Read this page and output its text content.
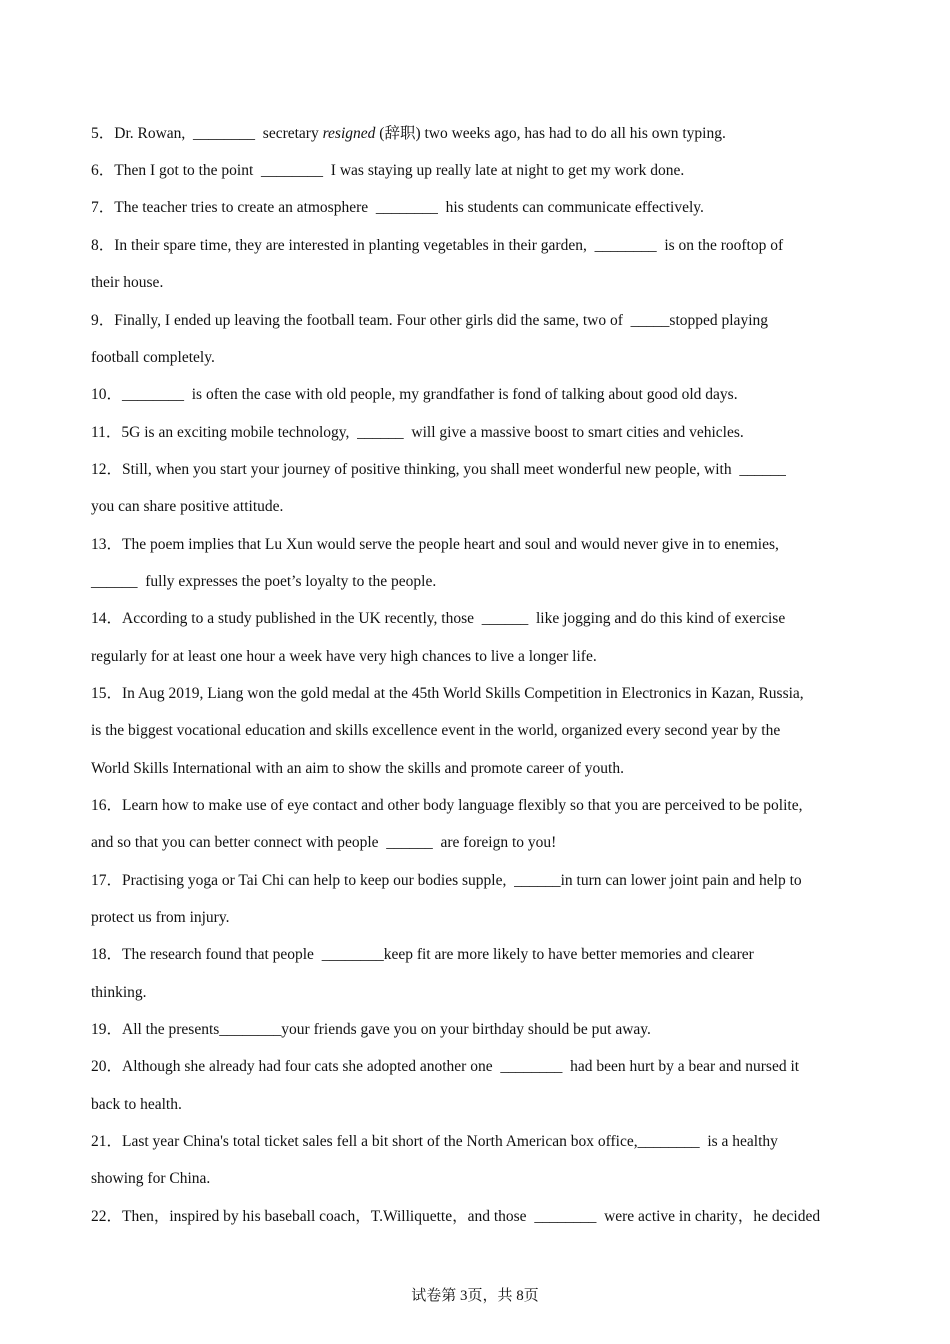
5．Dr. Rowan,  ________  secretary resigned (辞职) two weeks ago, has had to do all his own typing.
6．Then I got to the point  ________  I was staying up really late at night to get my work done.
7．The teacher tries to create an atmosphere  ________  his students can communicate effectively.
8．In their spare time, they are interested in planting vegetables in their garden,  ________  is on the rooftop of
their house.
9．Finally, I ended up leaving the football team. Four other girls did the same, two of  _____stopped playing
football completely.
10．________  is often the case with old people, my grandfather is fond of talking about good old days.
11．5G is an exciting mobile technology,  ______  will give a massive boost to smart cities and vehicles.
12．Still, when you start your journey of positive thinking, you shall meet wonderful new people, with  ______
you can share positive attitude.
13．The poem implies that Lu Xun would serve the people heart and soul and would never give in to enemies,
______  fully expresses the poet’s loyalty to the people.
14．According to a study published in the UK recently, those  ______  like jogging and do this kind of exercise
regularly for at least one hour a week have very high chances to live a longer life.
15．In Aug 2019, Liang won the gold medal at the 45th World Skills Competition in Electronics in Kazan, Russia,
is the biggest vocational education and skills excellence event in the world, organized every second year by the
World Skills International with an aim to show the skills and promote career of youth.
16．Learn how to make use of eye contact and other body language flexibly so that you are perceived to be polite,
and so that you can better connect with people  ______  are foreign to you!
17．Practising yoga or Tai Chi can help to keep our bodies supple,  ______in turn can lower joint pain and help to
protect us from injury.
18．The research found that people  ________keep fit are more likely to have better memories and clearer
thinking.
19．All the presents________your friends gave you on your birthday should be put away.
20．Although she already had four cats she adopted another one  ________  had been hurt by a bear and nursed it
back to health.
21．Last year China's total ticket sales fell a bit short of the North American box office,________  is a healthy
showing for China.
22．Then，inspired by his baseball coach，T.Williquette，and those  ________  were active in charity，he decided
试卷第 3页，共 8页
